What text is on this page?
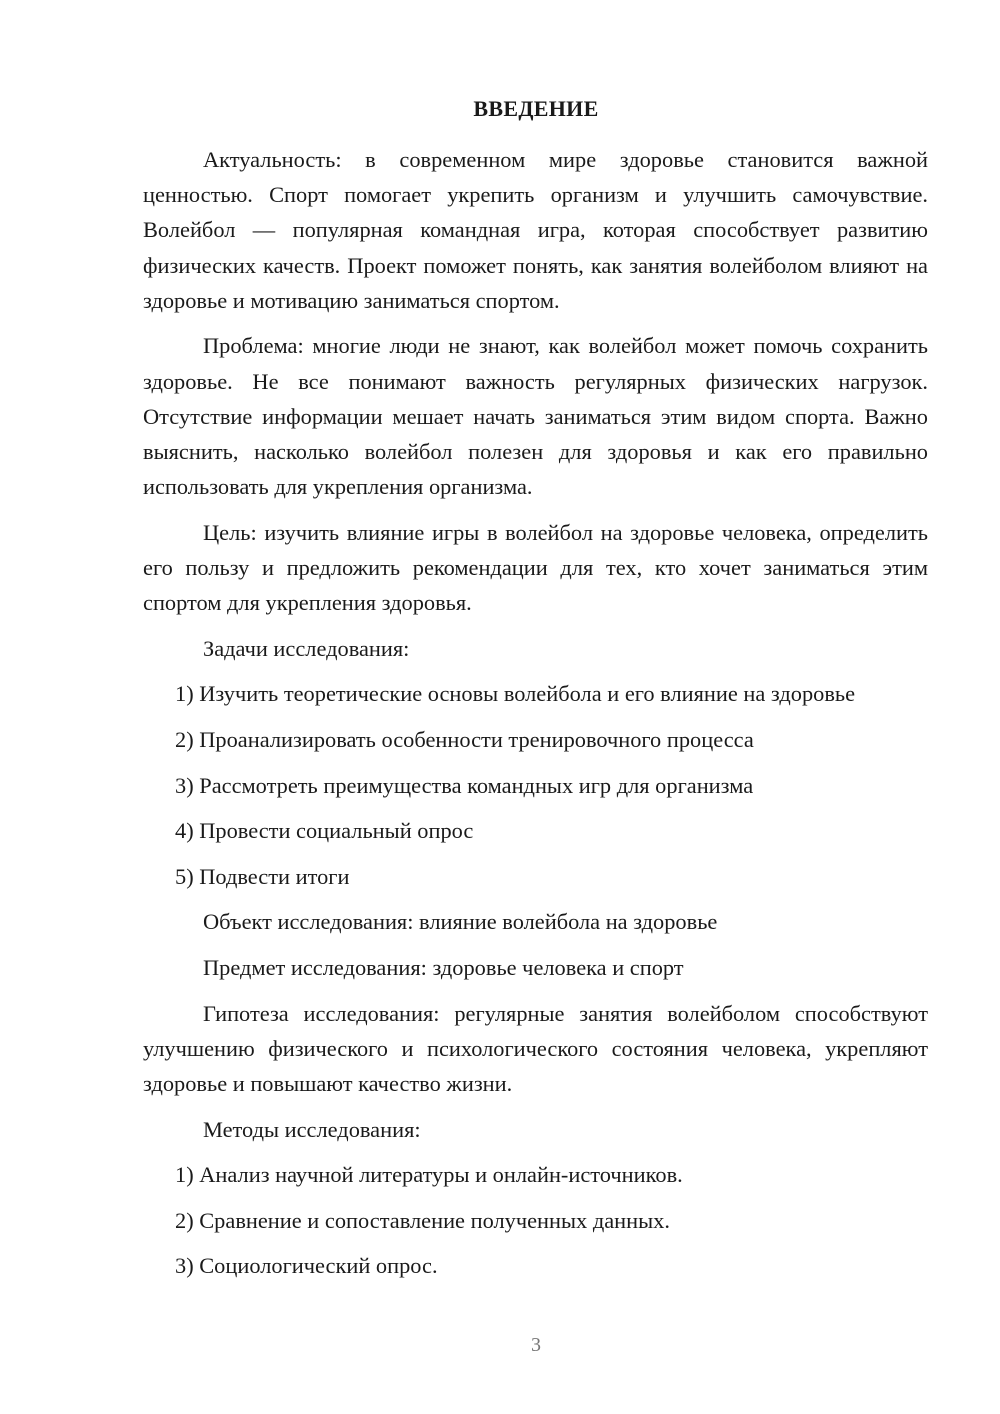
ВВЕДЕНИЕ

Актуальность: в современном мире здоровье становится важной ценностью. Спорт помогает укрепить организм и улучшить самочувствие. Волейбол — популярная командная игра, которая способствует развитию физических качеств. Проект поможет понять, как занятия волейболом влияют на здоровье и мотивацию заниматься спортом.

Проблема: многие люди не знают, как волейбол может помочь сохранить здоровье. Не все понимают важность регулярных физических нагрузок. Отсутствие информации мешает начать заниматься этим видом спорта. Важно выяснить, насколько волейбол полезен для здоровья и как его правильно использовать для укрепления организма.

Цель: изучить влияние игры в волейбол на здоровье человека, определить его пользу и предложить рекомендации для тех, кто хочет заниматься этим спортом для укрепления здоровья.

Задачи исследования:

1) Изучить теоретические основы волейбола и его влияние на здоровье

2) Проанализировать особенности тренировочного процесса

3) Рассмотреть преимущества командных игр для организма

4) Провести социальный опрос

5) Подвести итоги

Объект исследования: влияние волейбола на здоровье

Предмет исследования: здоровье человека и спорт

Гипотеза исследования: регулярные занятия волейболом способствуют улучшению физического и психологического состояния человека, укрепляют здоровье и повышают качество жизни.

Методы исследования:

1) Анализ научной литературы и онлайн-источников.

2) Сравнение и сопоставление полученных данных.

3) Социологический опрос.

3
